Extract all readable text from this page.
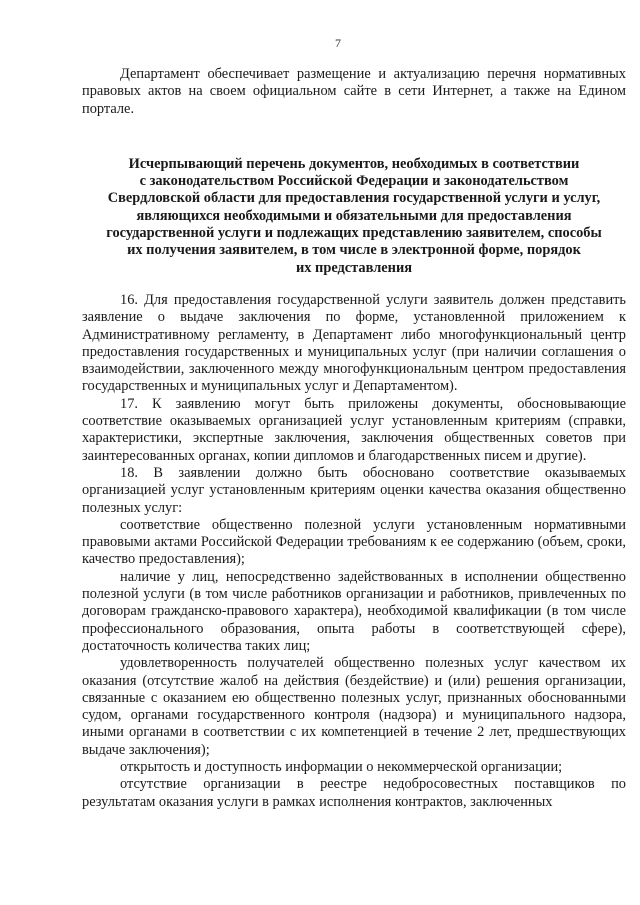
7

Департамент обеспечивает размещение и актуализацию перечня нормативных правовых актов на своем официальном сайте в сети Интернет, а также на Едином портале.

Исчерпывающий перечень документов, необходимых в соответствии
с законодательством Российской Федерации и законодательством
Свердловской области для предоставления государственной услуги и услуг,
являющихся необходимыми и обязательными для предоставления
государственной услуги и подлежащих представлению заявителем, способы
их получения заявителем, в том числе в электронной форме, порядок
их представления

16. Для предоставления государственной услуги заявитель должен представить заявление о выдаче заключения по форме, установленной приложением к Административному регламенту, в Департамент либо многофункциональный центр предоставления государственных и муниципальных услуг (при наличии соглашения о взаимодействии, заключенного между многофункциональным центром предоставления государственных и муниципальных услуг и Департаментом).

17. К заявлению могут быть приложены документы, обосновывающие соответствие оказываемых организацией услуг установленным критериям (справки, характеристики, экспертные заключения, заключения общественных советов при заинтересованных органах, копии дипломов и благодарственных писем и другие).

18. В заявлении должно быть обосновано соответствие оказываемых организацией услуг установленным критериям оценки качества оказания общественно полезных услуг:

соответствие общественно полезной услуги установленным нормативными правовыми актами Российской Федерации требованиям к ее содержанию (объем, сроки, качество предоставления);

наличие у лиц, непосредственно задействованных в исполнении общественно полезной услуги (в том числе работников организации и работников, привлеченных по договорам гражданско-правового характера), необходимой квалификации (в том числе профессионального образования, опыта работы в соответствующей сфере), достаточность количества таких лиц;

удовлетворенность получателей общественно полезных услуг качеством их оказания (отсутствие жалоб на действия (бездействие) и (или) решения организации, связанные с оказанием ею общественно полезных услуг, признанных обоснованными судом, органами государственного контроля (надзора) и муниципального надзора, иными органами в соответствии с их компетенцией в течение 2 лет, предшествующих выдаче заключения);

открытость и доступность информации о некоммерческой организации;

отсутствие организации в реестре недобросовестных поставщиков по результатам оказания услуги в рамках исполнения контрактов, заключенных
